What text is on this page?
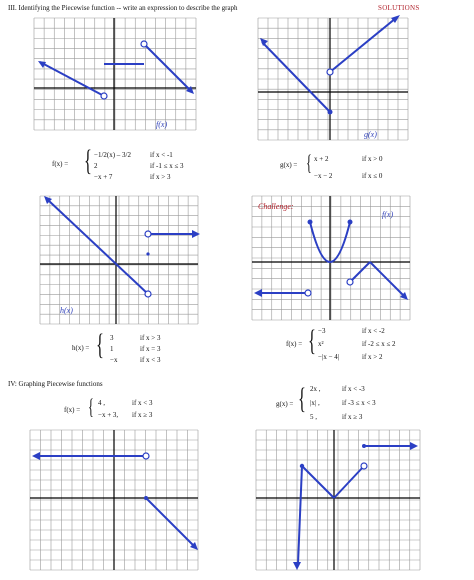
III. Identifying the Piecewise function -- write an expression to describe the graph	SOLUTIONS
f(x)
f(x) = { −1/2(x) – 3/2	if x < -1
2	if -1 ≤ x ≤ 3
−x + 7	if x > 3
g(x)
g(x) = { x + 2	if x > 0
−x − 2	if x ≤ 0
h(x)
h(x) = { 3	if x > 3
1	if x = 3
−x	if x < 3
Challenge:
f(x)
f(x) = { −3	if x < -2
x²	if -2 ≤ x ≤ 2
−|x − 4|	if x > 2
IV: Graphing Piecewise functions
f(x) = { 4 ,	if x < 3
−x + 3, if x ≥ 3
g(x) = { 2x ,	if x < -3
|x| ,	if -3 ≤ x < 3
5 ,	if x ≥ 3
